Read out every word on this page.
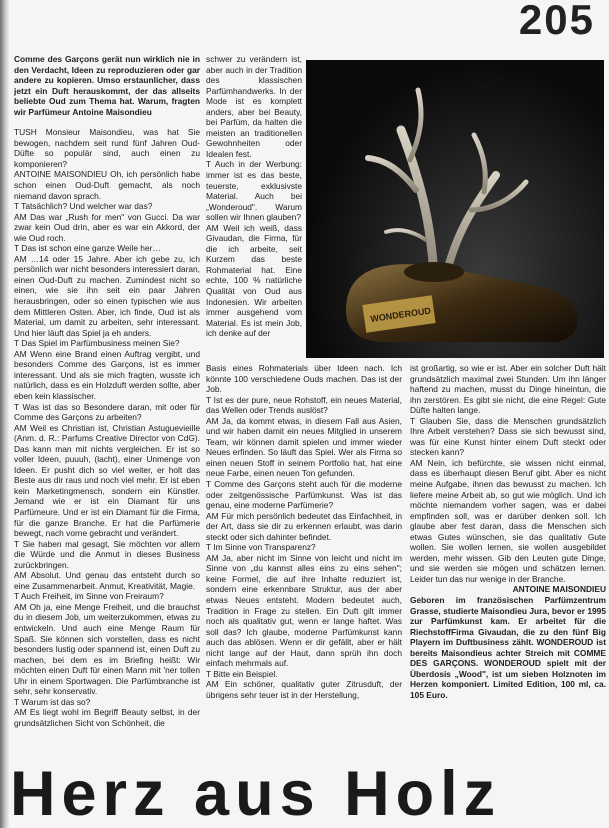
205

Comme des Garçons gerät nun wirklich nie in den Verdacht, Ideen zu reproduzieren oder gar andere zu kopieren. Umso erstaunlicher, dass jetzt ein Duft herauskommt, der das allseits beliebte Oud zum Thema hat. Warum, fragten wir Parfümeur Antoine Maisondieu

TUSH Monsieur Maisondieu, was hat Sie bewogen, nachdem seit rund fünf Jahren Oud-Düfte so populär sind, auch einen zu komponieren?

ANTOINE MAISONDIEU Oh, ich persönlich habe schon einen Oud-Duft gemacht, als noch niemand davon sprach.

T Tatsächlich? Und welcher war das?

AM Das war „Rush for men" von Gucci. Da war zwar kein Oud drin, aber es war ein Akkord, der wie Oud roch.

T Das ist schon eine ganze Weile her…

AM …14 oder 15 Jahre. Aber ich gebe zu, ich persönlich war nicht besonders interessiert daran, einen Oud-Duft zu machen. Zumindest nicht so einen, wie sie ihn seit ein paar Jahren herausbringen, oder so einen typischen wie aus dem Mittleren Osten. Aber, ich finde, Oud ist als Material, um damit zu arbeiten, sehr interessant. Und hier läuft das Spiel ja eh anders.

T Das Spiel im Parfümbusiness meinen Sie?

AM Wenn eine Brand einen Auftrag vergibt, und besonders Comme des Garçons, ist es immer interessant. Und als sie mich fragten, wusste ich natürlich, dass es ein Holzduft werden sollte, aber eben kein klassischer.

T Was ist das so Besondere daran, mit oder für Comme des Garçons zu arbeiten?

AM Weil es Christian ist, Christian Astuguevieille (Anm. d. R.: Parfums Creative Director von CdG). Das kann man mit nichts vergleichen. Er ist so voller Ideen, puuuh, (lacht), einer Unmenge von Ideen. Er pusht dich so viel weiter, er holt das Beste aus dir raus und noch viel mehr. Er ist eben kein Marketingmensch, sondern ein Künstler. Jemand wie er ist ein Diamant für uns Parfümeure. Und er ist ein Diamant für die Firma, für die ganze Branche. Er hat die Parfümerie bewegt, nach vorne gebracht und verändert.

T Sie haben mal gesagt, Sie möchten vor allem die Würde und die Anmut in dieses Business zurückbringen.

AM Absolut. Und genau das entsteht durch so eine Zusammenarbeit. Anmut, Kreativität, Magie.

T Auch Freiheit, im Sinne von Freiraum?

AM Oh ja, eine Menge Freiheit, und die brauchst du in diesem Job, um weiterzukommen, etwas zu entwickeln. Und auch eine Menge Raum für Spaß. Sie können sich vorstellen, dass es nicht besonders lustig oder spannend ist, einen Duft zu machen, bei dem es im Briefing heißt: Wir möchten einen Duft für einen Mann mit 'ner tollen Uhr in einem Sportwagen. Die Parfümbranche ist sehr, sehr konservativ.

T Warum ist das so?

AM Es liegt wohl im Begriff Beauty selbst, in der grundsätzlichen Sicht von Schönheit, die

schwer zu verändern ist, aber auch in der Tradition des klassischen Parfümhandwerks. In der Mode ist es komplett anders, aber bei Beauty, bei Parfüm, da halten die meisten an traditionellen Gewohnheiten oder Idealen fest.
T Auch in der Werbung: immer ist es das beste, teuerste, exklusivste Material. Auch bei „Wonderoud". Warum sollen wir Ihnen glauben?
AM Weil ich weiß, dass Givaudan, die Firma, für die ich arbeite, seit Kurzem das beste Rohmaterial hat. Eine echte, 100 % natürliche Qualität von Oud aus Indonesien. Wir arbeiten immer ausgehend vom Material. Es ist mein Job, ich denke auf der

WONDEROUD

Basis eines Rohmaterials über Ideen nach. Ich könnte 100 verschiedene Ouds machen. Das ist der Job.

T Ist es der pure, neue Rohstoff, ein neues Material, das Wellen oder Trends auslöst?

AM Ja, da kommt etwas, in diesem Fall aus Asien, und wir haben damit ein neues Mitglied in unserem Team, wir können damit spielen und immer wieder Neues erfinden. So läuft das Spiel. Wer als Firma so einen neuen Stoff in seinem Portfolio hat, hat eine neue Farbe, einen neuen Ton gefunden.

T Comme des Garçons steht auch für die moderne oder zeitgenössische Parfümkunst. Was ist das genau, eine moderne Parfümerie?

AM Für mich persönlich bedeutet das Einfachheit, in der Art, dass sie dir zu erkennen erlaubt, was darin steckt oder sich dahinter befindet.

T Im Sinne von Transparenz?

AM Ja, aber nicht im Sinne von leicht und nicht im Sinne von „du kannst alles eins zu eins sehen"; keine Formel, die auf ihre Inhalte reduziert ist, sondern eine erkennbare Struktur, aus der aber etwas Neues entsteht. Modern bedeutet auch, Tradition in Frage zu stellen. Ein Duft gilt immer noch als qualitativ gut, wenn er lange haftet. Was soll das? Ich glaube, moderne Parfümkunst kann auch das ablösen. Wenn er dir gefällt, aber er hält nicht lange auf der Haut, dann sprüh ihn doch einfach mehrmals auf.

T Bitte ein Beispiel.

AM Ein schöner, qualitativ guter Zitrusduft, der übrigens sehr teuer ist in der Herstellung,

ist großartig, so wie er ist. Aber ein solcher Duft hält grundsätzlich maximal zwei Stunden. Um ihn länger haftend zu machen, musst du Dinge hineintun, die ihn zerstören. Es gibt sie nicht, die eine Regel: Gute Düfte halten lange.

T Glauben Sie, dass die Menschen grundsätzlich Ihre Arbeit verstehen? Dass sie sich bewusst sind, was für eine Kunst hinter einem Duft steckt oder stecken kann?

AM Nein, ich befürchte, sie wissen nicht einmal, dass es überhaupt diesen Beruf gibt. Aber es nicht meine Aufgabe, ihnen das bewusst zu machen. Ich liefere meine Arbeit ab, so gut wie möglich. Und ich möchte niemandem vorher sagen, was er dabei empfinden soll, was er darüber denken soll. Ich glaube aber fest daran, dass die Menschen sich etwas Gutes wünschen, sie das qualitativ Gute wollen. Sie wollen lernen, sie wollen ausgebildet werden, mehr wissen. Gib den Leuten gute Dinge, und sie werden sie mögen und schätzen lernen. Leider tun das nur wenige in der Branche.

ANTOINE MAISONDIEU

Geboren im französischen Parfümzentrum Grasse, studierte Maisondieu Jura, bevor er 1995 zur Parfümkunst kam. Er arbeitet für die RiechstoffFirma Givaudan, die zu den fünf Big Playern im Duftbusiness zählt. WONDEROUD ist bereits Maisondieus achter Streich mit COMME DES GARÇONS. WONDEROUD spielt mit der Überdosis „Wood", ist um sieben Holznoten im Herzen komponiert. Limited Edition, 100 ml, ca. 105 Euro.

Herz aus Holz
